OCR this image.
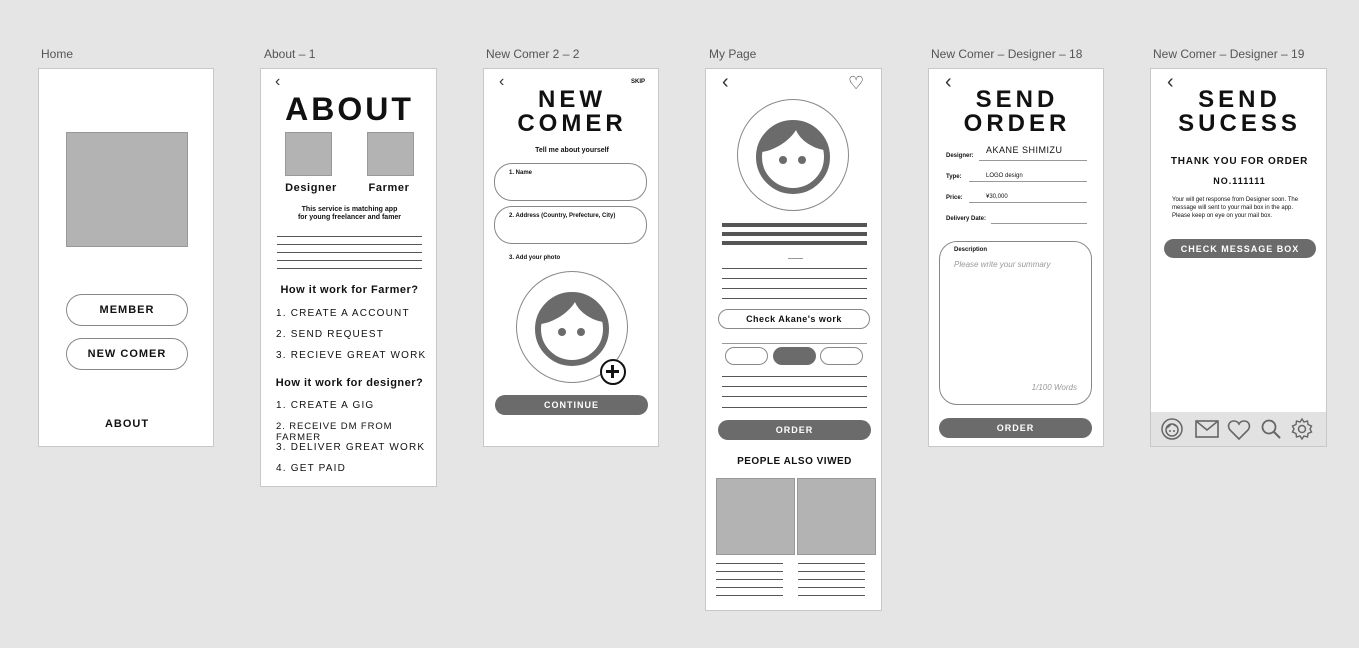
Home	About – 1	New Comer 2 – 2	My Page	New Comer – Designer – 18	New Comer – Designer – 19
MEMBER
NEW COMER
ABOUT
‹
ABOUT
Designer	Farmer
This service is matching app
for young freelancer and famer
How it work for Farmer?
1. CREATE A ACCOUNT
2. SEND REQUEST
3. RECIEVE GREAT WORK
How it work for designer?
1. CREATE A GIG
2. RECEIVE DM FROM FARMER
3. DELIVER GREAT WORK
4. GET PAID
‹	SKIP
NEW
COMER
Tell me about yourself
1. Name
2. Address (Country, Prefecture, City)
3. Add your photo
CONTINUE
‹	♡
Check Akane's work
ORDER
PEOPLE ALSO VIWED
‹
SEND
ORDER
Designer:
AKANE SHIMIZU
Type:	LOGO design
Price:	¥30,000
Delivery Date:
Description
Please write your summary
1/100 Words
ORDER
‹
SEND
SUCESS
THANK YOU FOR ORDER
NO.111111
Your will get response from Designer soon. The message will sent to your mail box in the app. Please keep on eye on your mail box.
CHECK MESSAGE BOX
